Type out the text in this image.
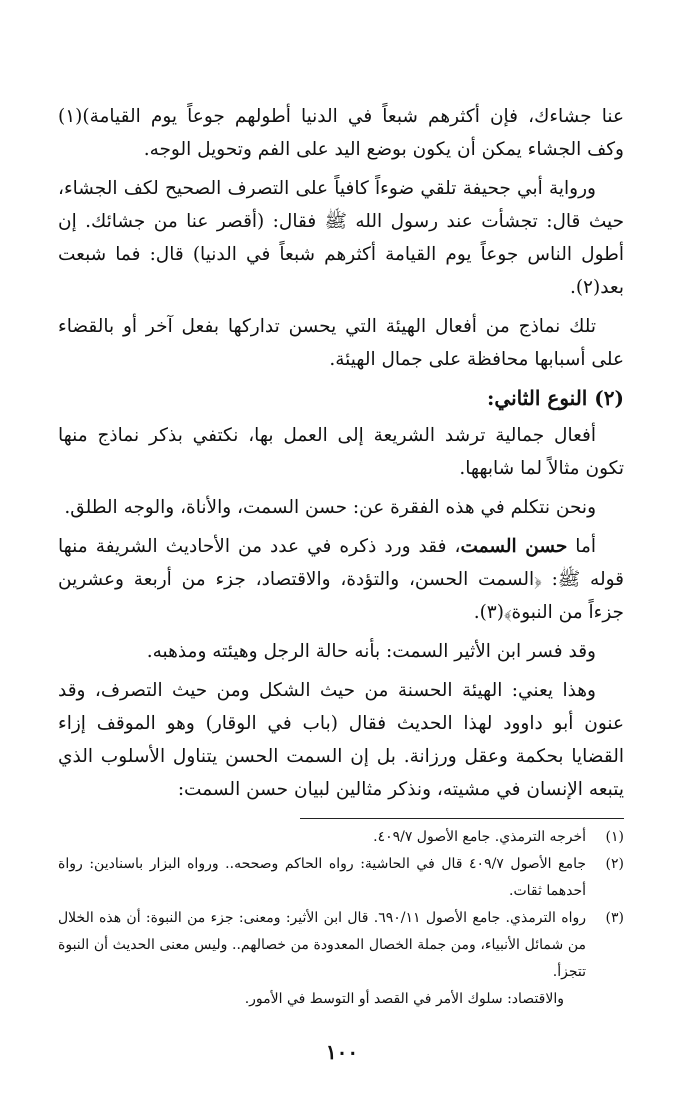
عنا جشاءك، فإن أكثرهم شبعاً في الدنيا أطولهم جوعاً يوم القيامة)(١) وكف الجشاء يمكن أن يكون بوضع اليد على الفم وتحويل الوجه.

ورواية أبي جحيفة تلقي ضوءاً كافياً على التصرف الصحيح لكف الجشاء، حيث قال: تجشأت عند رسول الله ﷺ فقال: (أقصر عنا من جشائك. إن أطول الناس جوعاً يوم القيامة أكثرهم شبعاً في الدنيا) قال: فما شبعت بعد(٢).

تلك نماذج من أفعال الهيئة التي يحسن تداركها بفعل آخر أو بالقضاء على أسبابها محافظة على جمال الهيئة.

(٢) النوع الثاني:

أفعال جمالية ترشد الشريعة إلى العمل بها، نكتفي بذكر نماذج منها تكون مثالاً لما شابهها.

ونحن نتكلم في هذه الفقرة عن: حسن السمت، والأناة، والوجه الطلق.

أما حسن السمت، فقد ورد ذكره في عدد من الأحاديث الشريفة منها قوله ﷺ: ﴿السمت الحسن، والتؤدة، والاقتصاد، جزء من أربعة وعشرين جزءاً من النبوة﴾(٣).

وقد فسر ابن الأثير السمت: بأنه حالة الرجل وهيئته ومذهبه.

وهذا يعني: الهيئة الحسنة من حيث الشكل ومن حيث التصرف، وقد عنون أبو داوود لهذا الحديث فقال (باب في الوقار) وهو الموقف إزاء القضايا بحكمة وعقل ورزانة. بل إن السمت الحسن يتناول الأسلوب الذي يتبعه الإنسان في مشيته، ونذكر مثالين لبيان حسن السمت:

(١)
أخرجه الترمذي. جامع الأصول ٤٠٩/٧.
(٢)
جامع الأصول ٤٠٩/٧ قال في الحاشية: رواه الحاكم وصححه.. ورواه البزار باسنادين: رواة أحدهما ثقات.
(٣)
رواه الترمذي. جامع الأصول ٦٩٠/١١. قال ابن الأثير: ومعنى: جزء من النبوة: أن هذه الخلال من شمائل الأنبياء، ومن جملة الخصال المعدودة من خصالهم.. وليس معنى الحديث أن النبوة تتجزأ.

والاقتصاد: سلوك الأمر في القصد أو التوسط في الأمور.

١٠٠
